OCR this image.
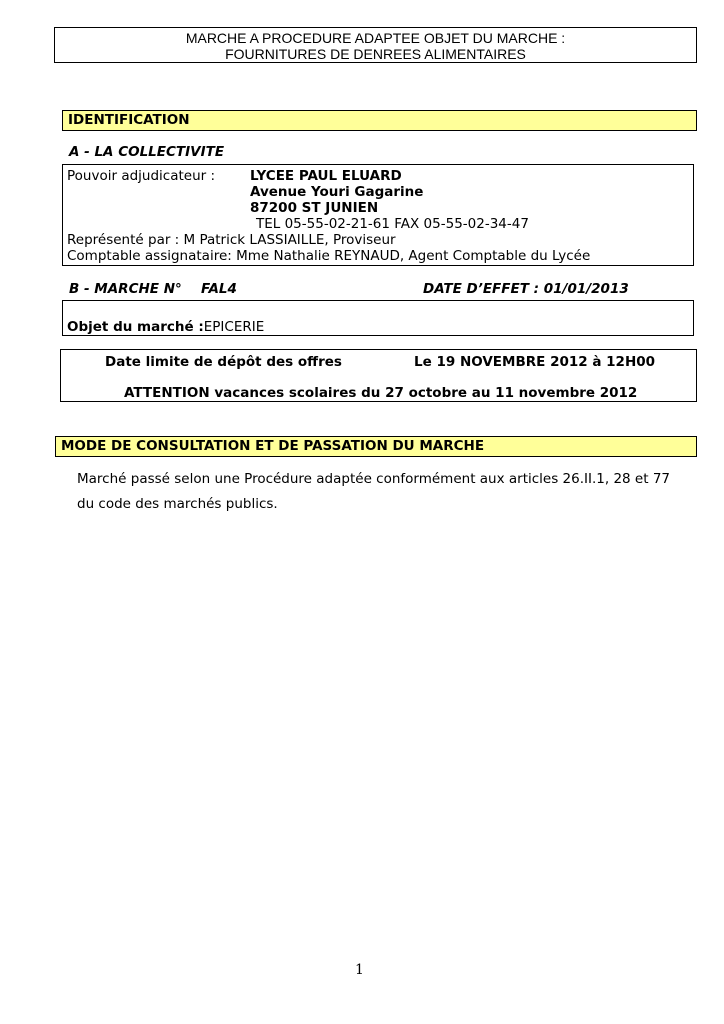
MARCHE A PROCEDURE ADAPTEE OBJET DU MARCHE :
FOURNITURES DE DENREES ALIMENTAIRES
IDENTIFICATION
A - LA COLLECTIVITE
Pouvoir adjudicateur :	LYCEE PAUL ELUARD
Avenue Youri Gagarine
87200 ST JUNIEN
TEL 05-55-02-21-61 FAX 05-55-02-34-47
Représenté par : M Patrick LASSIAILLE, Proviseur
Comptable assignataire: Mme Nathalie REYNAUD, Agent Comptable du Lycée
B - MARCHE N° FAL4	DATE D’EFFET : 01/01/2013
Objet du marché :EPICERIE
Date limite de dépôt des offres	Le 19 NOVEMBRE 2012 à 12H00
ATTENTION vacances scolaires du 27 octobre au 11 novembre 2012
MODE DE CONSULTATION ET DE PASSATION DU MARCHE
Marché passé selon une Procédure adaptée conformément aux articles 26.II.1, 28 et 77
du code des marchés publics.
1
